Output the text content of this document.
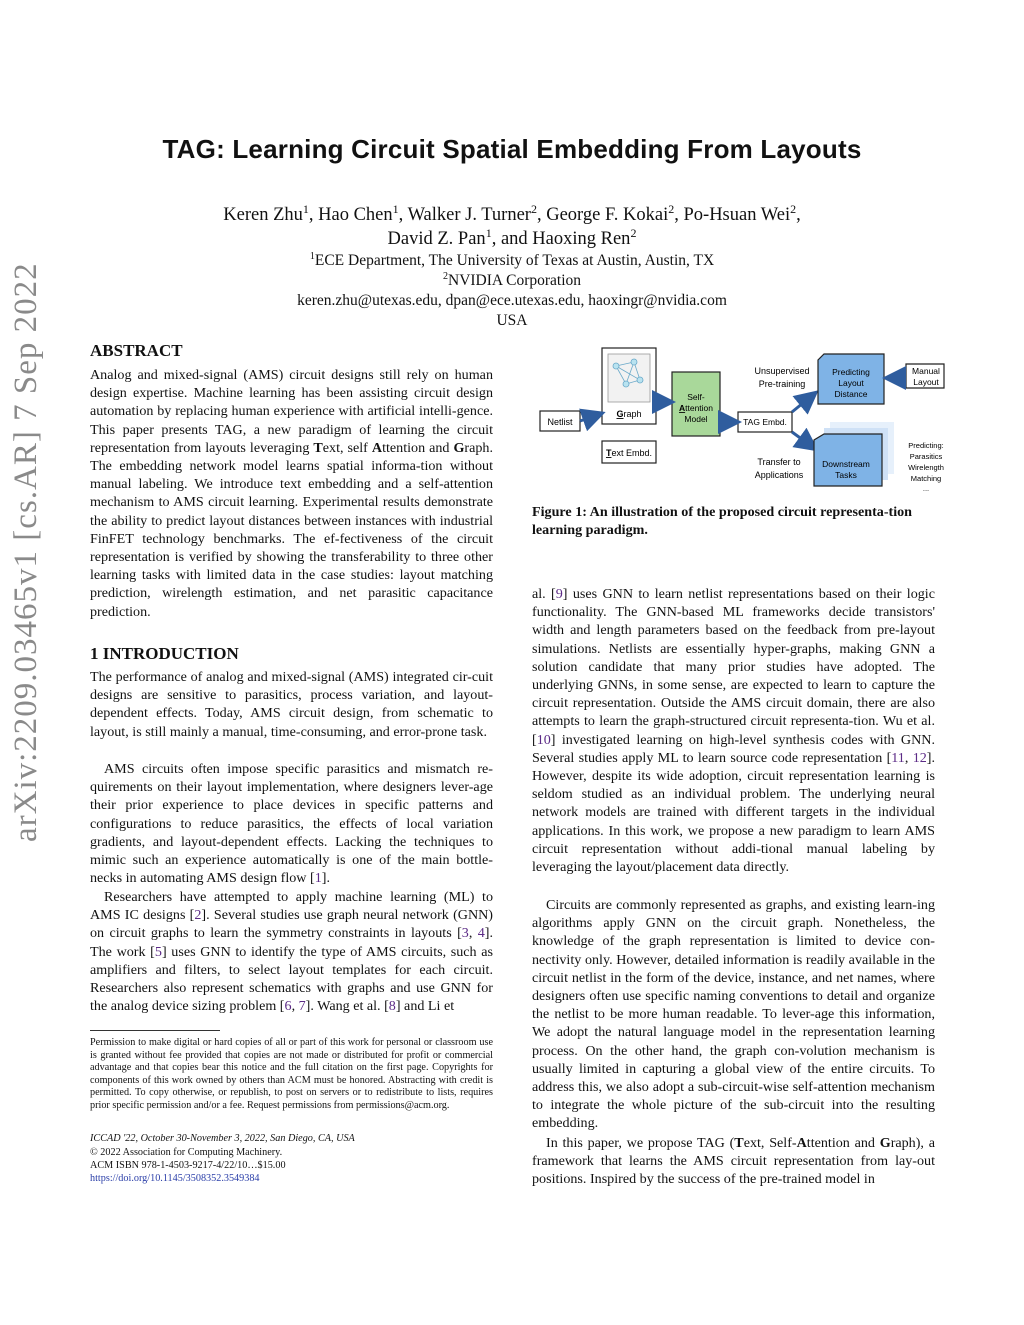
arXiv:2209.03465v1 [cs.AR] 7 Sep 2022
TAG: Learning Circuit Spatial Embedding From Layouts
Keren Zhu$^1$, Hao Chen$^1$, Walker J. Turner$^2$, George F. Kokai$^2$, Po-Hsuan Wei$^2$,
David Z. Pan$^1$, and Haoxing Ren$^2$
$^1$ECE Department, The University of Texas at Austin, Austin, TX
$^2$NVIDIA Corporation
keren.zhu@utexas.edu, dpan@ece.utexas.edu, haoxingr@nvidia.com
USA
ABSTRACT

Analog and mixed-signal (AMS) circuit designs still rely on human design expertise. Machine learning has been assisting circuit design automation by replacing human experience with artificial intelli-gence. This paper presents TAG, a new paradigm of learning the circuit representation from layouts leveraging Text, self Attention and Graph. The embedding network model learns spatial informa-tion without manual labeling. We introduce text embedding and a self-attention mechanism to AMS circuit learning. Experimental results demonstrate the ability to predict layout distances between instances with industrial FinFET technology benchmarks. The ef-fectiveness of the circuit representation is verified by showing the transferability to three other learning tasks with limited data in the case studies: layout matching prediction, wirelength estimation, and net parasitic capacitance prediction.

1 INTRODUCTION

The performance of analog and mixed-signal (AMS) integrated cir-cuit designs are sensitive to parasitics, process variation, and layout-dependent effects. Today, AMS circuit design, from schematic to layout, is still mainly a manual, time-consuming, and error-prone task.

AMS circuits often impose specific parasitics and mismatch re-quirements on their layout implementation, where designers lever-age their prior experience to place devices in specific patterns and configurations to reduce parasitics, the effects of local variation gradients, and layout-dependent effects. Lacking the techniques to mimic such an experience automatically is one of the main bottle-necks in automating AMS design flow [1].

Researchers have attempted to apply machine learning (ML) to AMS IC designs [2]. Several studies use graph neural network (GNN) on circuit graphs to learn the symmetry constraints in layouts [3, 4]. The work [5] uses GNN to identify the type of AMS circuits, such as amplifiers and filters, to select layout templates for each circuit. Researchers also represent schematics with graphs and use GNN for the analog device sizing problem [6, 7]. Wang et al. [8] and Li et

Permission to make digital or hard copies of all or part of this work for personal or classroom use is granted without fee provided that copies are not made or distributed for profit or commercial advantage and that copies bear this notice and the full citation on the first page. Copyrights for components of this work owned by others than ACM must be honored. Abstracting with credit is permitted. To copy otherwise, or republish, to post on servers or to redistribute to lists, requires prior specific permission and/or a fee. Request permissions from permissions@acm.org.

ICCAD '22, October 30-November 3, 2022, San Diego, CA, USA

© 2022 Association for Computing Machinery.

ACM ISBN 978-1-4503-9217-4/22/10…$15.00

https://doi.org/10.1145/3508352.3549384

Graph
Netlist
Text Embd.
Self-
Attention
Model	TAG Embd.
Unsupervised
Pre-training
Predicting
Layout
Distance
Manual
Layout
Transfer to
Applications
Downstream
Tasks
Predicting:
Parasitics
Wirelength
Matching
...

Figure 1: An illustration of the proposed circuit representa-tion learning paradigm.

al. [9] uses GNN to learn netlist representations based on their logic functionality. The GNN-based ML frameworks decide transistors' width and length parameters based on the feedback from pre-layout simulations. Netlists are essentially hyper-graphs, making GNN a solution candidate that many prior studies have adopted. The underlying GNNs, in some sense, are expected to learn to capture the circuit representation. Outside the AMS circuit domain, there are also attempts to learn the graph-structured circuit representa-tion. Wu et al. [10] investigated learning on high-level synthesis codes with GNN. Several studies apply ML to learn source code representation [11, 12]. However, despite its wide adoption, circuit representation learning is seldom studied as an individual problem. The underlying neural network models are trained with different targets in the individual applications. In this work, we propose a new paradigm to learn AMS circuit representation without addi-tional manual labeling by leveraging the layout/placement data directly.

Circuits are commonly represented as graphs, and existing learn-ing algorithms apply GNN on the circuit graph. Nonetheless, the knowledge of the graph representation is limited to device con-nectivity only. However, detailed information is readily available in the circuit netlist in the form of the device, instance, and net names, where designers often use specific naming conventions to detail and organize the netlist to be more human readable. To lever-age this information, We adopt the natural language model in the representation learning process. On the other hand, the graph con-volution mechanism is usually limited in capturing a global view of the entire circuits. To address this, we also adopt a sub-circuit-wise self-attention mechanism to integrate the whole picture of the sub-circuit into the resulting embedding.

In this paper, we propose TAG (Text, Self-Attention and Graph), a framework that learns the AMS circuit representation from lay-out positions. Inspired by the success of the pre-trained model in
